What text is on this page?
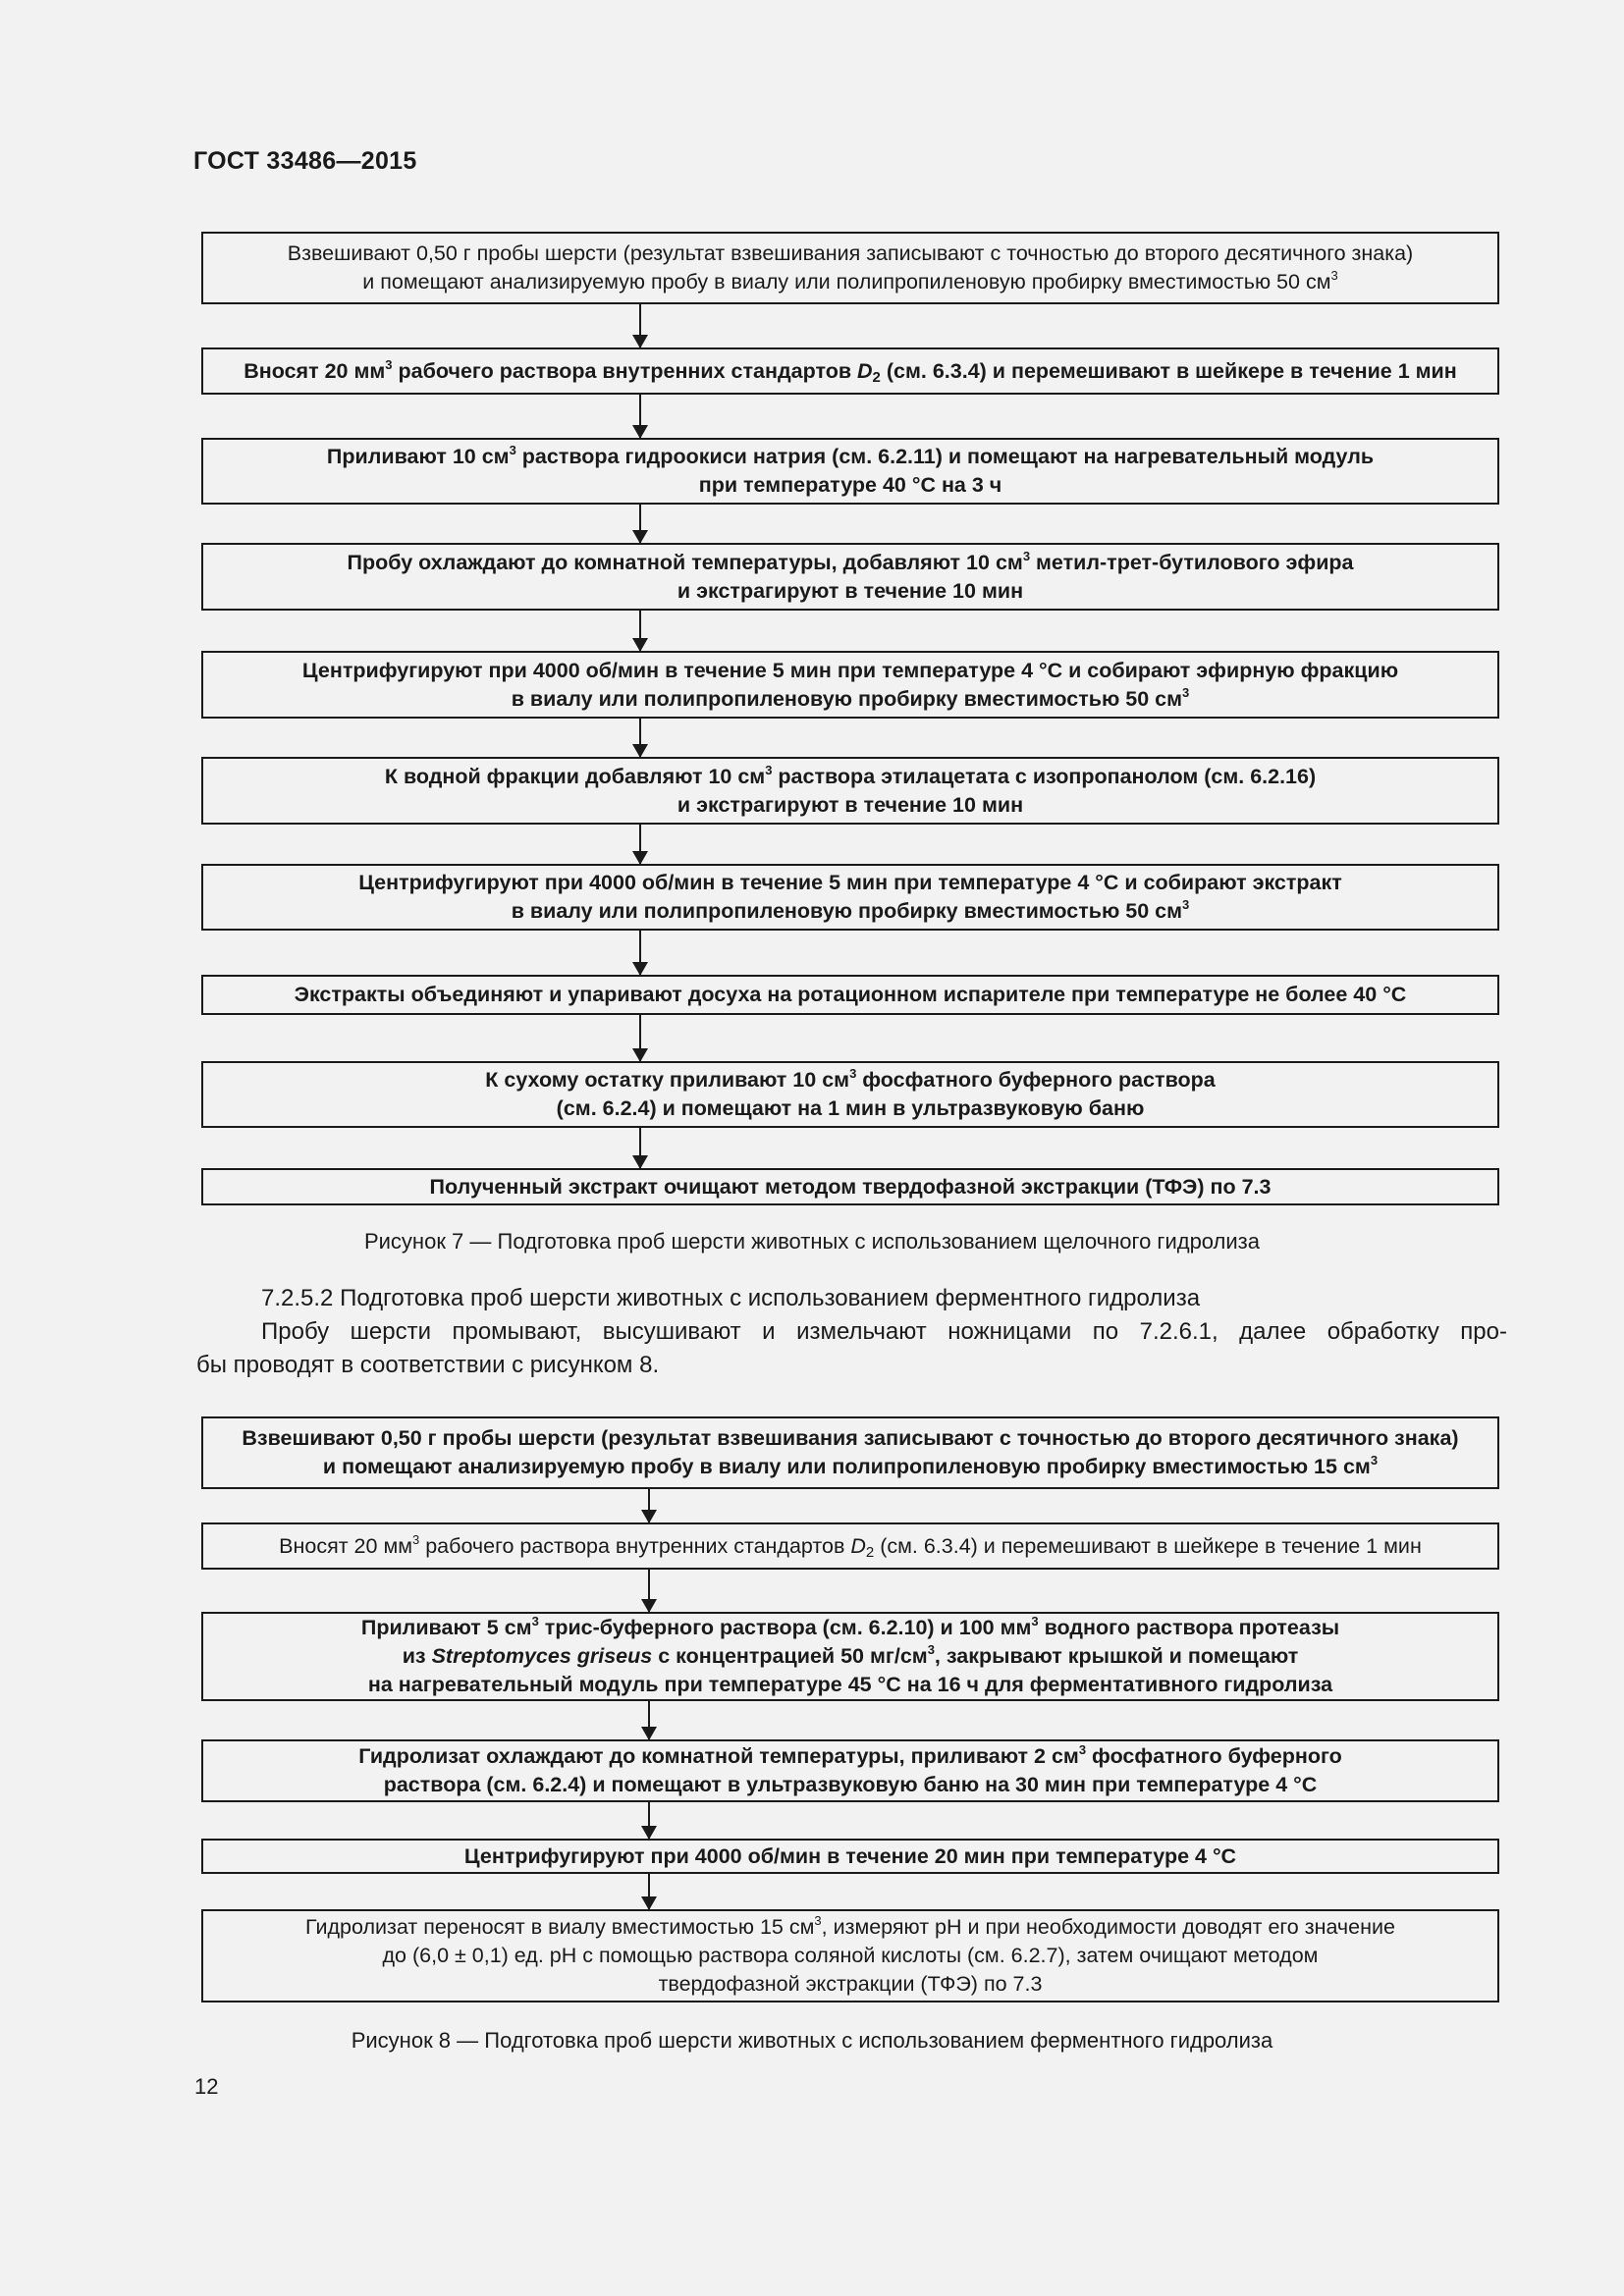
ГОСТ 33486—2015
Взвешивают 0,50 г пробы шерсти (результат взвешивания записывают с точностью до второго десятичного знака)
и помещают анализируемую пробу в виалу или полипропиленовую пробирку вместимостью 50 $см^3$
Вносят 20 $мм^3$ рабочего раствора внутренних стандартов $D_2$ (см. 6.3.4) и перемешивают в шейкере в течение 1 мин
Приливают 10 $см^3$ раствора гидроокиси натрия (см. 6.2.11) и помещают на нагревательный модуль
при температуре 40 °С на 3 ч
Пробу охлаждают до комнатной температуры, добавляют 10 $см^3$ метил-трет-бутилового эфира
и экстрагируют в течение 10 мин
Центрифугируют при 4000 об/мин в течение 5 мин при температуре 4 °С и собирают эфирную фракцию
в виалу или полипропиленовую пробирку вместимостью 50 $см^3$
К водной фракции добавляют 10 $см^3$ раствора этилацетата с изопропанолом (см. 6.2.16)
и экстрагируют в течение 10 мин
Центрифугируют при 4000 об/мин в течение 5 мин при температуре 4 °С и собирают экстракт
в виалу или полипропиленовую пробирку вместимостью 50 $см^3$
Экстракты объединяют и упаривают досуха на ротационном испарителе при температуре не более 40 °С
К сухому остатку приливают 10 $см^3$ фосфатного буферного раствора
(см. 6.2.4) и помещают на 1 мин в ультразвуковую баню
Полученный экстракт очищают методом твердофазной экстракции (ТФЭ) по 7.3
Рисунок 7 — Подготовка проб шерсти животных с использованием щелочного гидролиза
7.2.5.2 Подготовка проб шерсти животных с использованием ферментного гидролиза
Пробу шерсти промывают, высушивают и измельчают ножницами по 7.2.6.1, далее обработку про-
бы проводят в соответствии с рисунком 8.
Взвешивают 0,50 г пробы шерсти (результат взвешивания записывают с точностью до второго десятичного знака)
и помещают анализируемую пробу в виалу или полипропиленовую пробирку вместимостью 15 $см^3$
Вносят 20 $мм^3$ рабочего раствора внутренних стандартов $D_2$ (см. 6.3.4) и перемешивают в шейкере в течение 1 мин
Приливают 5 $см^3$ трис-буферного раствора (см. 6.2.10) и 100 $мм^3$ водного раствора протеазы
из Streptomyces griseus с концентрацией 50 $мг/см^3$, закрывают крышкой и помещают
на нагревательный модуль при температуре 45 °С на 16 ч для ферментативного гидролиза
Гидролизат охлаждают до комнатной температуры, приливают 2 $см^3$ фосфатного буферного
раствора (см. 6.2.4) и помещают в ультразвуковую баню на 30 мин при температуре 4 °С
Центрифугируют при 4000 об/мин в течение 20 мин при температуре 4 °С
Гидролизат переносят в виалу вместимостью 15 $см^3$, измеряют рН и при необходимости доводят его значение
до (6,0 ± 0,1) ед. рН с помощью раствора соляной кислоты (см. 6.2.7), затем очищают методом
твердофазной экстракции (ТФЭ) по 7.3
Рисунок 8 — Подготовка проб шерсти животных с использованием ферментного гидролиза
12
